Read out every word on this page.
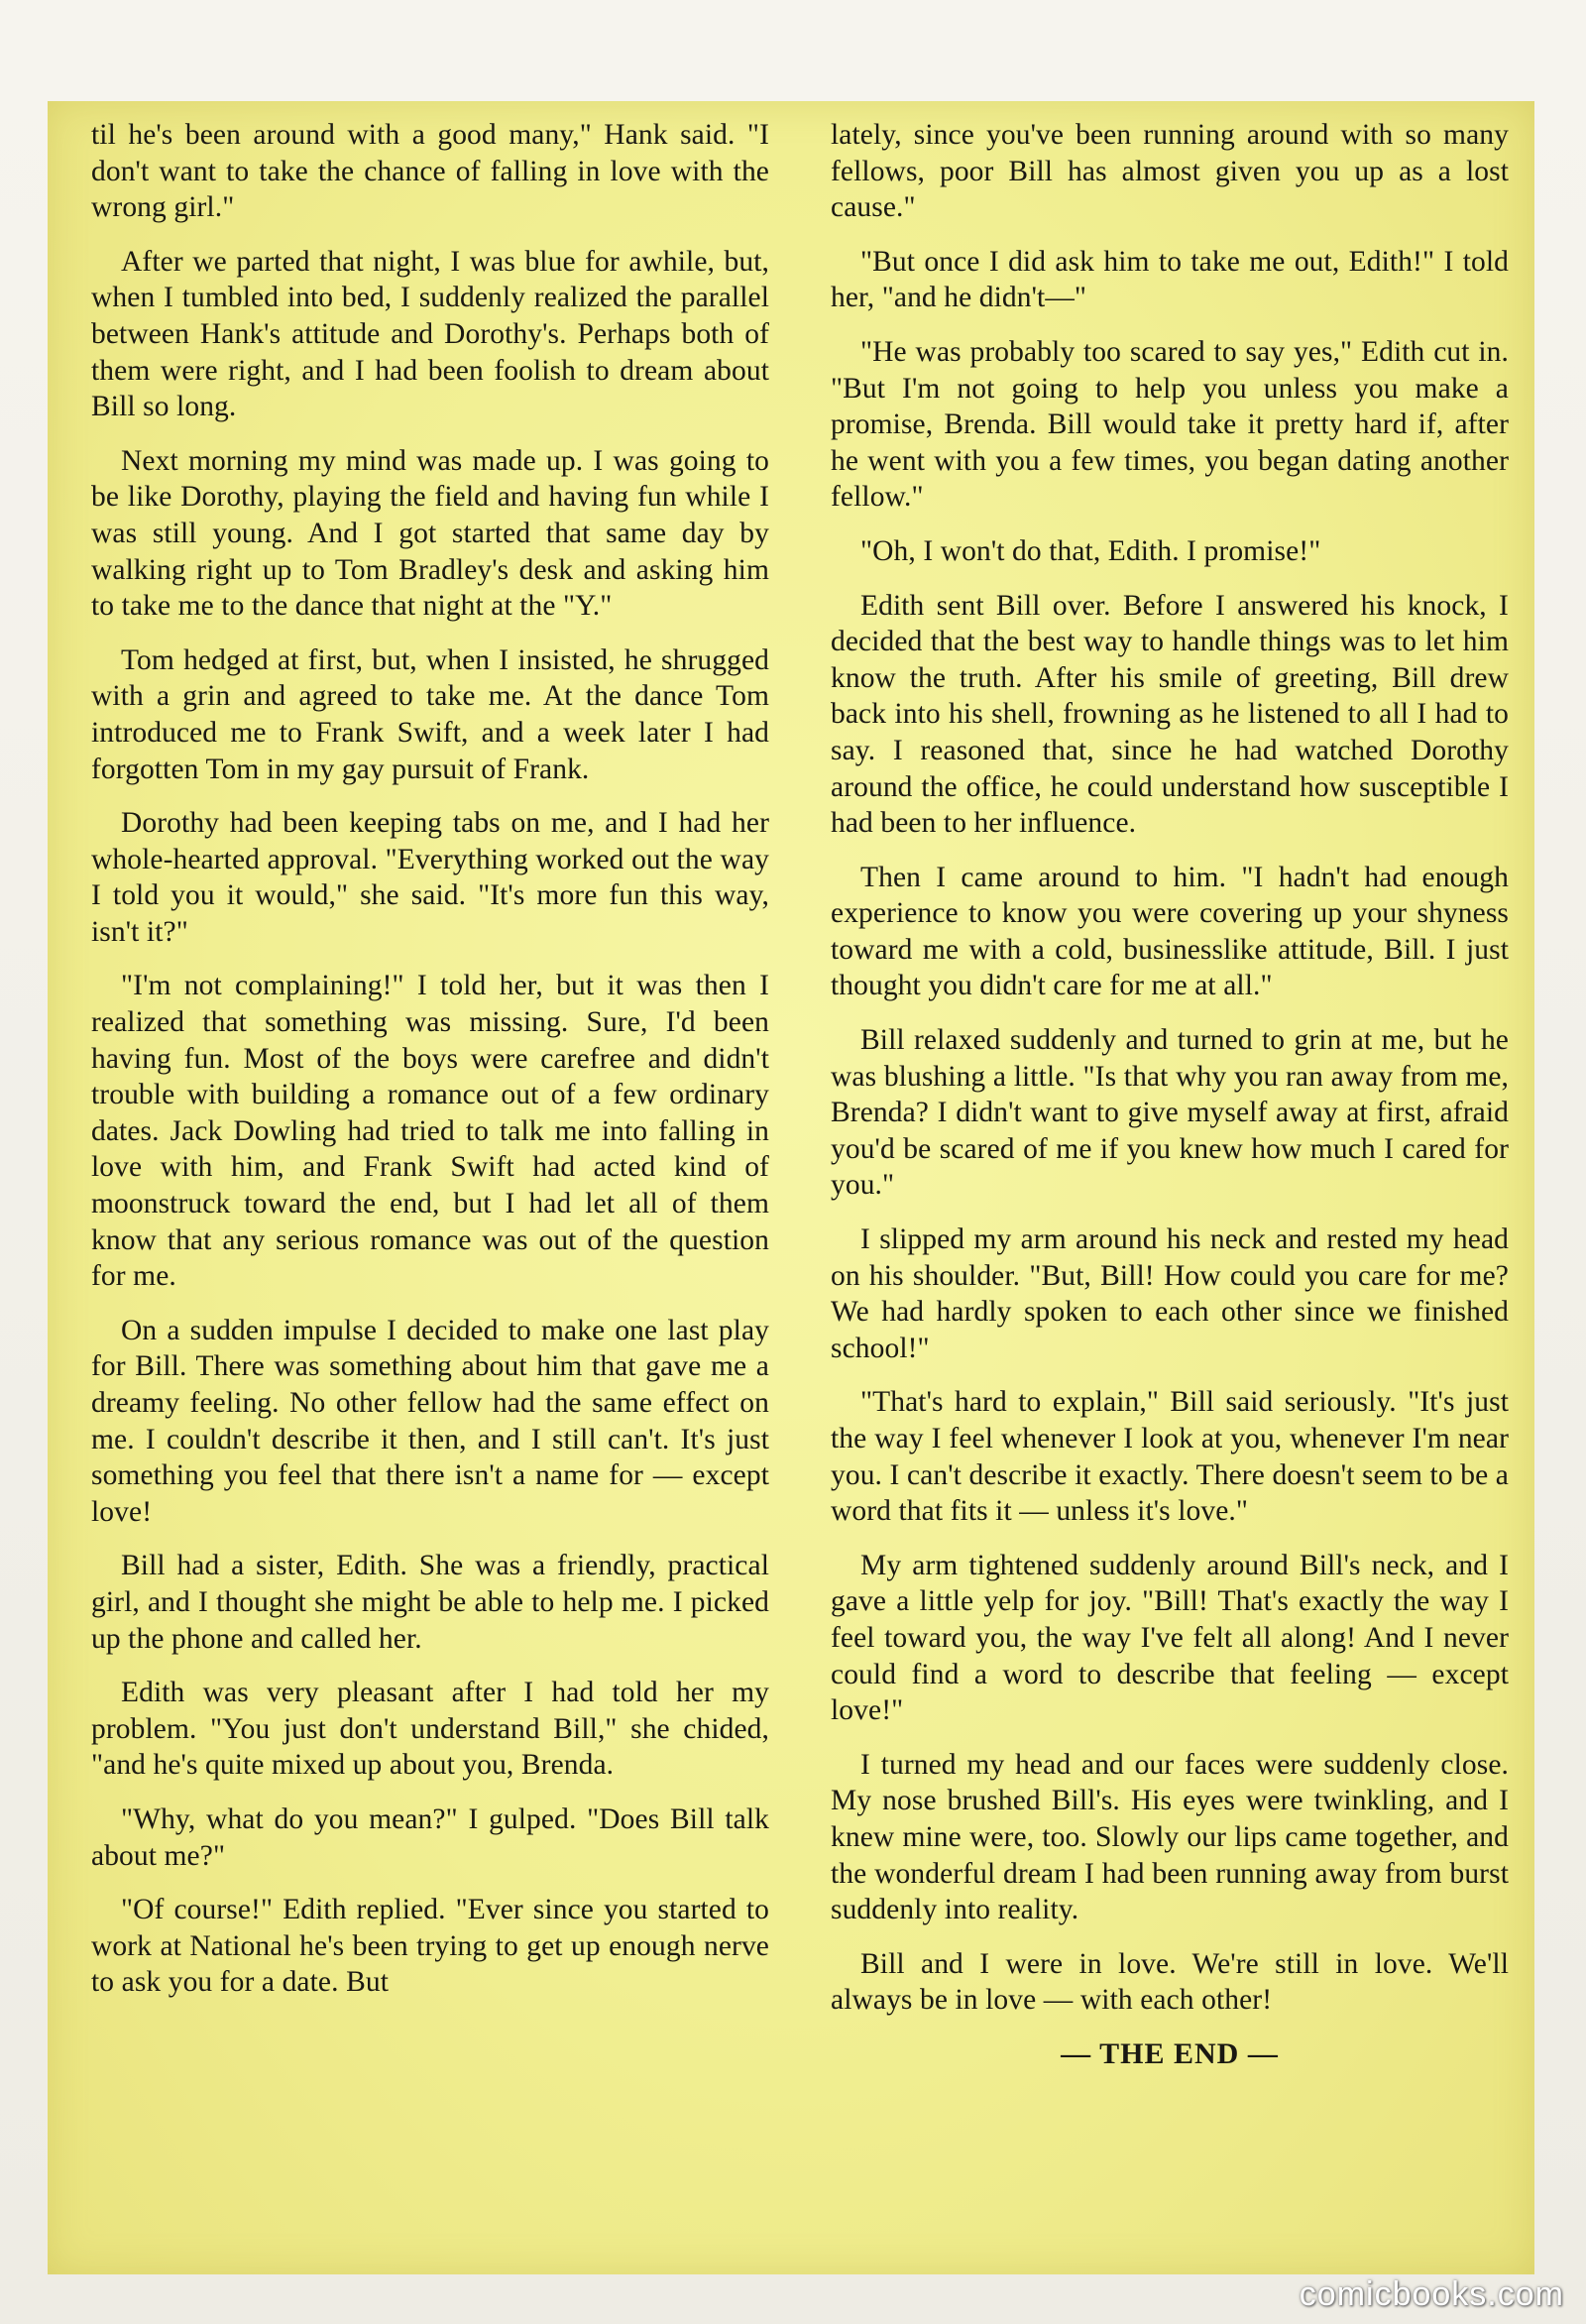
til he's been around with a good many," Hank said. "I don't want to take the chance of falling in love with the wrong girl."

After we parted that night, I was blue for awhile, but, when I tumbled into bed, I suddenly realized the parallel between Hank's attitude and Dorothy's. Perhaps both of them were right, and I had been foolish to dream about Bill so long.

Next morning my mind was made up. I was going to be like Dorothy, playing the field and having fun while I was still young. And I got started that same day by walking right up to Tom Bradley's desk and asking him to take me to the dance that night at the "Y."

Tom hedged at first, but, when I insisted, he shrugged with a grin and agreed to take me. At the dance Tom introduced me to Frank Swift, and a week later I had forgotten Tom in my gay pursuit of Frank.

Dorothy had been keeping tabs on me, and I had her whole-hearted approval. "Everything worked out the way I told you it would," she said. "It's more fun this way, isn't it?"

"I'm not complaining!" I told her, but it was then I realized that something was missing. Sure, I'd been having fun. Most of the boys were carefree and didn't trouble with building a romance out of a few ordinary dates. Jack Dowling had tried to talk me into falling in love with him, and Frank Swift had acted kind of moonstruck toward the end, but I had let all of them know that any serious romance was out of the question for me.

On a sudden impulse I decided to make one last play for Bill. There was something about him that gave me a dreamy feeling. No other fellow had the same effect on me. I couldn't describe it then, and I still can't. It's just something you feel that there isn't a name for — except love!

Bill had a sister, Edith. She was a friendly, practical girl, and I thought she might be able to help me. I picked up the phone and called her.

Edith was very pleasant after I had told her my problem. "You just don't understand Bill," she chided, "and he's quite mixed up about you, Brenda.

"Why, what do you mean?" I gulped. "Does Bill talk about me?"

"Of course!" Edith replied. "Ever since you started to work at National he's been trying to get up enough nerve to ask you for a date. But

lately, since you've been running around with so many fellows, poor Bill has almost given you up as a lost cause."

"But once I did ask him to take me out, Edith!" I told her, "and he didn't—"

"He was probably too scared to say yes," Edith cut in. "But I'm not going to help you unless you make a promise, Brenda. Bill would take it pretty hard if, after he went with you a few times, you began dating another fellow."

"Oh, I won't do that, Edith. I promise!"

Edith sent Bill over. Before I answered his knock, I decided that the best way to handle things was to let him know the truth. After his smile of greeting, Bill drew back into his shell, frowning as he listened to all I had to say. I reasoned that, since he had watched Dorothy around the office, he could understand how susceptible I had been to her influence.

Then I came around to him. "I hadn't had enough experience to know you were covering up your shyness toward me with a cold, businesslike attitude, Bill. I just thought you didn't care for me at all."

Bill relaxed suddenly and turned to grin at me, but he was blushing a little. "Is that why you ran away from me, Brenda? I didn't want to give myself away at first, afraid you'd be scared of me if you knew how much I cared for you."

I slipped my arm around his neck and rested my head on his shoulder. "But, Bill! How could you care for me? We had hardly spoken to each other since we finished school!"

"That's hard to explain," Bill said seriously. "It's just the way I feel whenever I look at you, whenever I'm near you. I can't describe it exactly. There doesn't seem to be a word that fits it — unless it's love."

My arm tightened suddenly around Bill's neck, and I gave a little yelp for joy. "Bill! That's exactly the way I feel toward you, the way I've felt all along! And I never could find a word to describe that feeling — except love!"

I turned my head and our faces were suddenly close. My nose brushed Bill's. His eyes were twinkling, and I knew mine were, too. Slowly our lips came together, and the wonderful dream I had been running away from burst suddenly into reality.

Bill and I were in love. We're still in love. We'll always be in love — with each other!

— THE END —
comicbooks.com
